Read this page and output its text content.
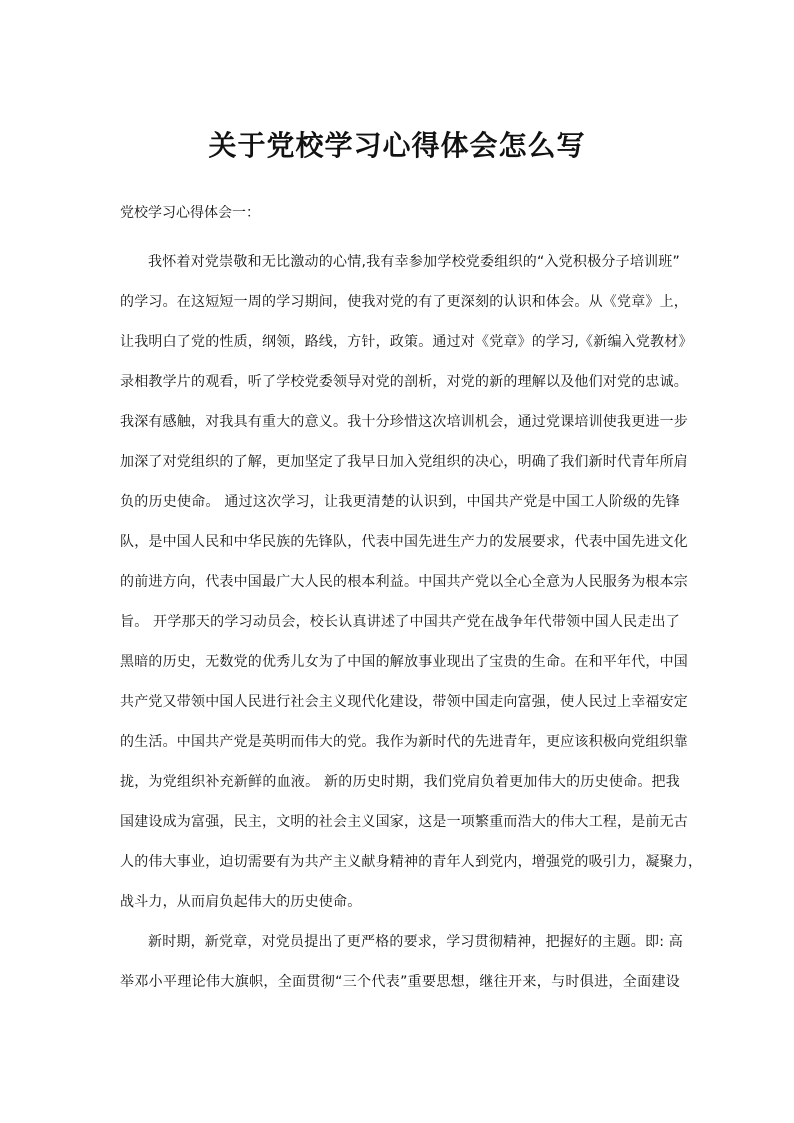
关于党校学习心得体会怎么写
党校学习心得体会一：
我怀着对党崇敬和无比激动的心情,我有幸参加学校党委组织的“入党积极分子培训班”
的学习。在这短短一周的学习期间，使我对党的有了更深刻的认识和体会。从《党章》上，
让我明白了党的性质，纲领，路线，方针，政策。通过对《党章》的学习,《新编入党教材》
录相教学片的观看，听了学校党委领导对党的剖析，对党的新的理解以及他们对党的忠诚。
我深有感触，对我具有重大的意义。我十分珍惜这次培训机会，通过党课培训使我更进一步
加深了对党组织的了解，更加坚定了我早日加入党组织的决心，明确了我们新时代青年所肩
负的历史使命。 通过这次学习，让我更清楚的认识到，中国共产党是中国工人阶级的先锋
队，是中国人民和中华民族的先锋队，代表中国先进生产力的发展要求，代表中国先进文化
的前进方向，代表中国最广大人民的根本利益。中国共产党以全心全意为人民服务为根本宗
旨。 开学那天的学习动员会，校长认真讲述了中国共产党在战争年代带领中国人民走出了
黑暗的历史，无数党的优秀儿女为了中国的解放事业现出了宝贵的生命。在和平年代，中国
共产党又带领中国人民进行社会主义现代化建设，带领中国走向富强，使人民过上幸福安定
的生活。中国共产党是英明而伟大的党。我作为新时代的先进青年，更应该积极向党组织靠
拢，为党组织补充新鲜的血液。 新的历史时期，我们党肩负着更加伟大的历史使命。把我
国建设成为富强，民主，文明的社会主义国家，这是一项繁重而浩大的伟大工程，是前无古
人的伟大事业，迫切需要有为共产主义献身精神的青年人到党内，增强党的吸引力，凝聚力，
战斗力，从而肩负起伟大的历史使命。
新时期，新党章，对党员提出了更严格的要求，学习贯彻精神，把握好的主题。即: 高
举邓小平理论伟大旗帜，全面贯彻“三个代表”重要思想，继往开来，与时俱进，全面建设
